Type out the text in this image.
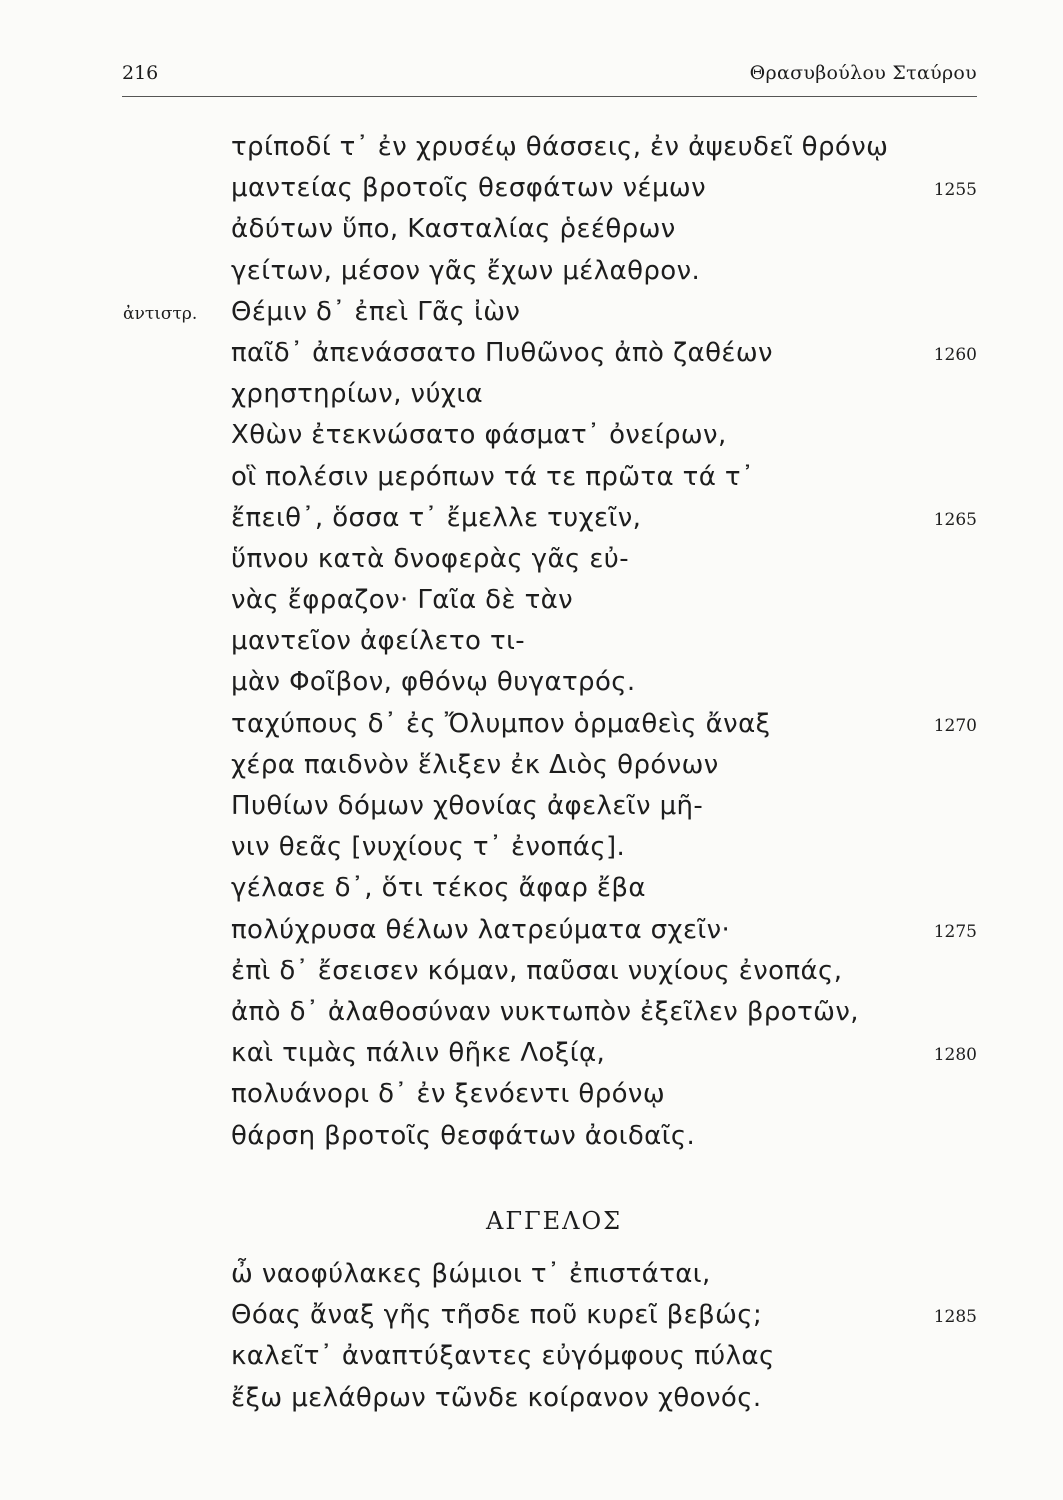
216	Θρασυβούλου Σταύρου
τρίποδί τ᾽ ἐν χρυσέῳ θάσσεις, ἐν ἀψευδεῖ θρόνῳ
μαντείας βροτοῖς θεσφάτων νέμων	1255
ἀδύτων ὕπο, Κασταλίας ῥεέθρων
γείτων, μέσον γᾶς ἔχων μέλαθρον.
ἀντιστρ. Θέμιν δ᾽ ἐπεὶ Γᾶς ἰὼν
παῖδ᾽ ἀπενάσσατο Πυθῶνος ἀπὸ ζαθέων	1260
χρηστηρίων, νύχια
Χθὼν ἐτεκνώσατο φάσματ᾽ ὀνείρων,
οἳ πολέσιν μερόπων τά τε πρῶτα τά τ᾽
ἔπειθ᾽, ὅσσα τ᾽ ἔμελλε τυχεῖν,	1265
ὕπνου κατὰ δνοφερὰς γᾶς εὐ-
νὰς ἔφραζον· Γαῖα δὲ τὰν
μαντεῖον ἀφείλετο τι-
μὰν Φοῖβον, φθόνῳ θυγατρός.
ταχύπους δ᾽ ἐς Ὄλυμπον ὁρμαθεὶς ἄναξ	1270
χέρα παιδνὸν ἕλιξεν ἐκ Διὸς θρόνων
Πυθίων δόμων χθονίας ἀφελεῖν μῆ-
νιν θεᾶς [νυχίους τ᾽ ἐνοπάς].
γέλασε δ᾽, ὅτι τέκος ἄφαρ ἔβα
πολύχρυσα θέλων λατρεύματα σχεῖν·	1275
ἐπὶ δ᾽ ἔσεισεν κόμαν, παῦσαι νυχίους ἐνοπάς,
ἀπὸ δ᾽ ἀλαθοσύναν νυκτωπὸν ἐξεῖλεν βροτῶν,
καὶ τιμὰς πάλιν θῆκε Λοξίᾳ,	1280
πολυάνορι δ᾽ ἐν ξενόεντι θρόνῳ
θάρση βροτοῖς θεσφάτων ἀοιδαῖς.
ΑΓΓΕΛΟΣ
ὦ ναοφύλακες βώμιοι τ᾽ ἐπιστάται,
Θόας ἄναξ γῆς τῆσδε ποῦ κυρεῖ βεβώς;	1285
καλεῖτ᾽ ἀναπτύξαντες εὐγόμφους πύλας
ἔξω μελάθρων τῶνδε κοίρανον χθονός.
